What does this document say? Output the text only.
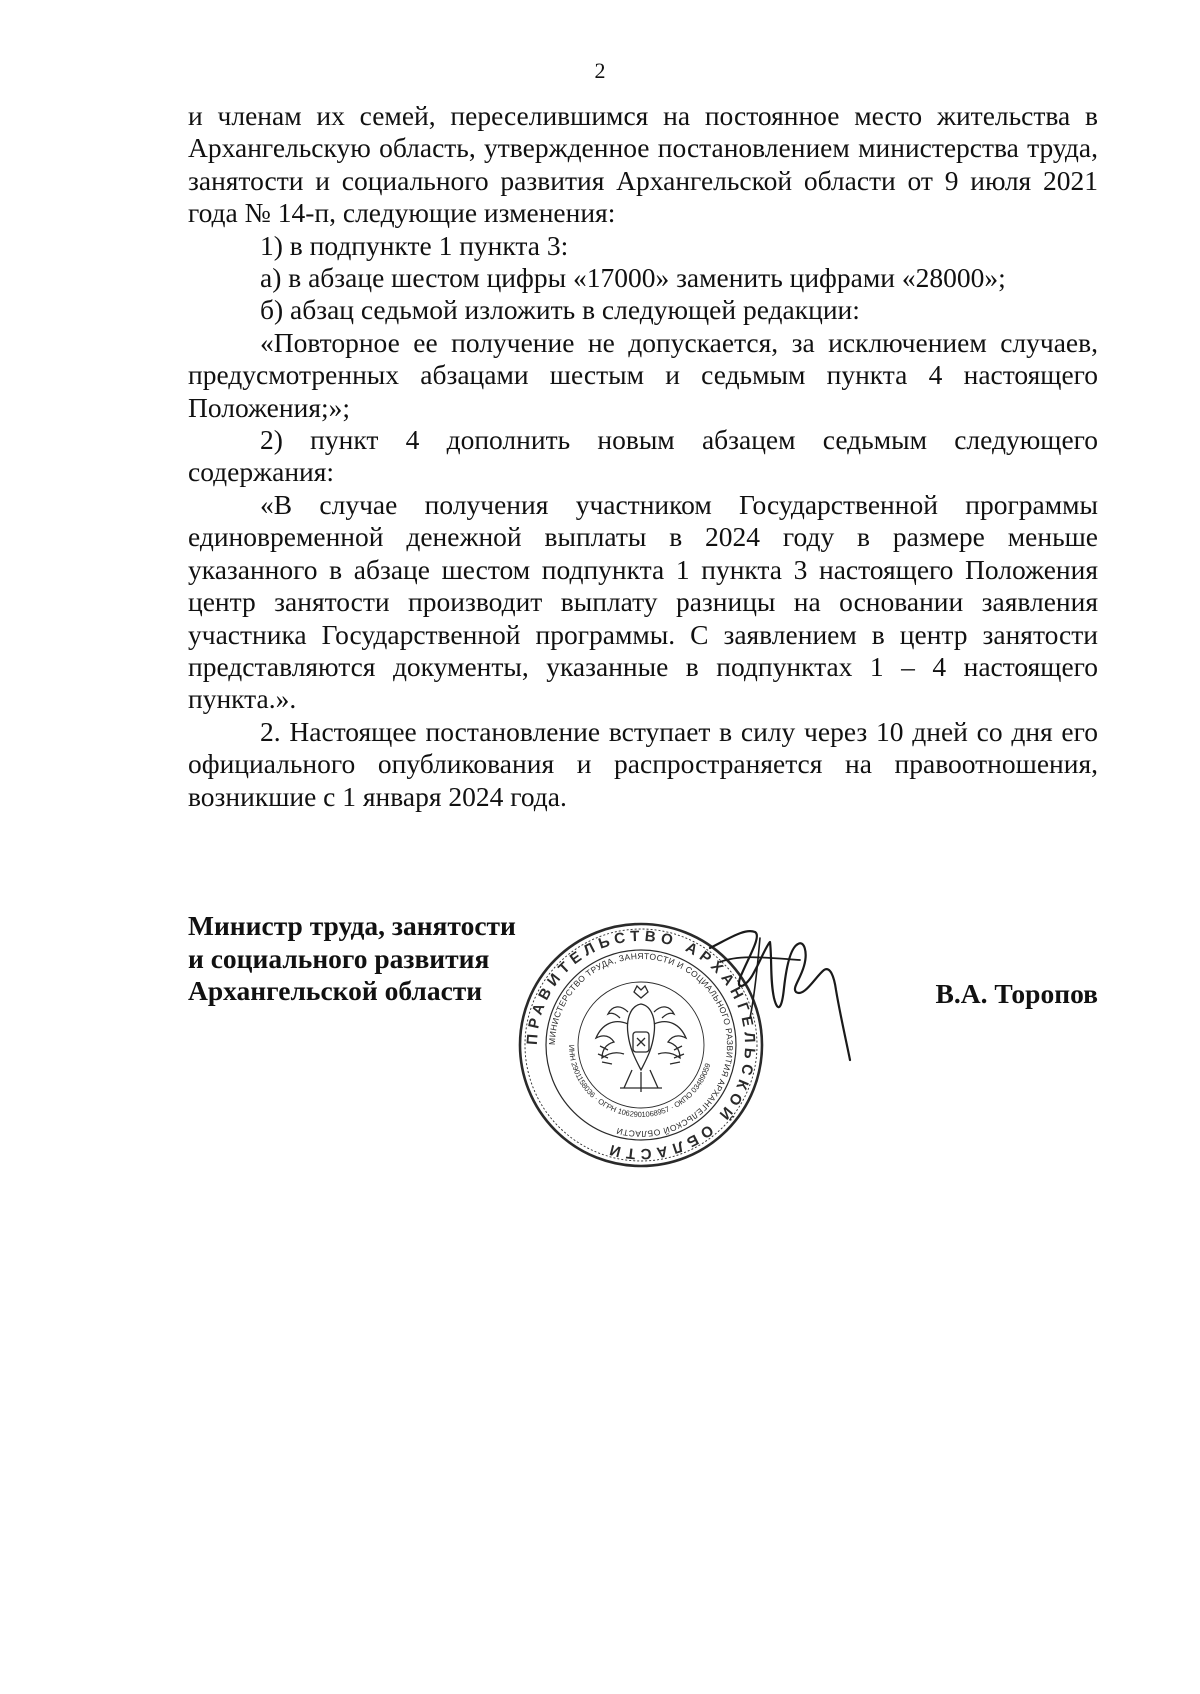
2

и членам их семей, переселившимся на постоянное место жительства в Архангельскую область, утвержденное постановлением министерства труда, занятости и социального развития Архангельской области от 9 июля 2021 года № 14-п, следующие изменения:

1) в подпункте 1 пункта 3:

а) в абзаце шестом цифры «17000» заменить цифрами «28000»;

б) абзац седьмой изложить в следующей редакции:

«Повторное ее получение не допускается, за исключением случаев, предусмотренных абзацами шестым и седьмым пункта 4 настоящего Положения;»;

2) пункт 4 дополнить новым абзацем седьмым следующего содержания:

«В случае получения участником Государственной программы единовременной денежной выплаты в 2024 году в размере меньше указанного в абзаце шестом подпункта 1 пункта 3 настоящего Положения центр занятости производит выплату разницы на основании заявления участника Государственной программы. С заявлением в центр занятости представляются документы, указанные в подпунктах 1 – 4 настоящего пункта.».

2. Настоящее постановление вступает в силу через 10 дней со дня его официального опубликования и распространяется на правоотношения, возникшие с 1 января 2024 года.

Министр труда, занятости
и социального развития
Архангельской области
ПРАВИТЕЛЬСТВО АРХАНГЕЛЬСКОЙ ОБЛАСТИ
МИНИСТЕРСТВО ТРУДА, ЗАНЯТОСТИ И СОЦИАЛЬНОГО РАЗВИТИЯ АРХАНГЕЛЬСКОЙ ОБЛАСТИ
ИНН 2901158036 · ОГРН 1062901068957 · ОКПО 03489059
В.А. Торопов
